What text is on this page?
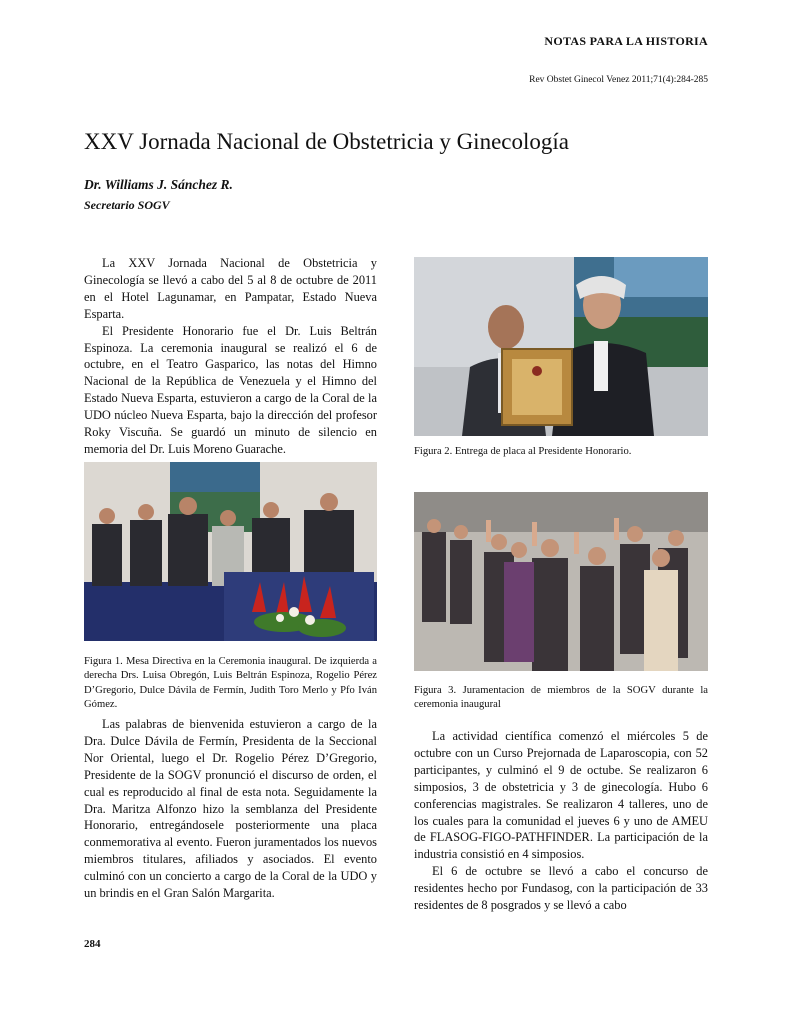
NOTAS PARA LA HISTORIA
Rev Obstet Ginecol Venez 2011;71(4):284-285
XXV Jornada Nacional de Obstetricia y Ginecología
Dr. Williams J. Sánchez R.
Secretario SOGV

La XXV Jornada Nacional de Obstetricia y Ginecología se llevó a cabo del 5 al 8 de octubre de 2011 en el Hotel Lagunamar, en Pampatar, Estado Nueva Esparta.

El Presidente Honorario fue el Dr. Luis Beltrán Espinoza. La ceremonia inaugural se realizó el 6 de octubre, en el Teatro Gasparico, las notas del Himno Nacional de la República de Venezuela y el Himno del Estado Nueva Esparta, estuvieron a cargo de la Coral de la UDO núcleo Nueva Esparta, bajo la dirección del profesor Roky Viscuña. Se guardó un minuto de silencio en memoria del Dr. Luis Moreno Guarache.	Figura 2. Entrega de placa al Presidente Honorario.
Figura 1. Mesa Directiva en la Ceremonia inaugural. De izquierda a derecha Drs. Luisa Obregón, Luis Beltrán Espinoza, Rogelio Pérez D’Gregorio, Dulce Dávila de Fermín, Judith Toro Merlo y Pfo Iván Gómez.
Figura 3. Juramentacion de miembros de la SOGV durante la ceremonia inaugural

Las palabras de bienvenida estuvieron a cargo de la Dra. Dulce Dávila de Fermín, Presidenta de la Seccional Nor Oriental, luego el Dr. Rogelio Pérez D’Gregorio, Presidente de la SOGV pronunció el discurso de orden, el cual es reproducido al final de esta nota. Seguidamente la Dra. Maritza Alfonzo hizo la semblanza del Presidente Honorario, entregándosele posteriormente una placa conmemorativa al evento. Fueron juramentados los nuevos miembros titulares, afiliados y asociados. El evento culminó con un concierto a cargo de la Coral de la UDO y un brindis en el Gran Salón Margarita.

La actividad científica comenzó el miércoles 5 de octubre con un Curso Prejornada de Laparoscopia, con 52 participantes, y culminó el 9 de octube. Se realizaron 6 simposios, 3 de obstetricia y 3 de ginecología. Hubo 6 conferencias magistrales. Se realizaron 4 talleres, uno de los cuales para la comunidad el jueves 6 y uno de AMEU de FLASOG-FIGO-PATHFINDER. La participación de la industria consistió en 4 simposios.

El 6 de octubre se llevó a cabo el concurso de residentes hecho por Fundasog, con la participación de 33 residentes de 8 posgrados y se llevó a cabo

284
